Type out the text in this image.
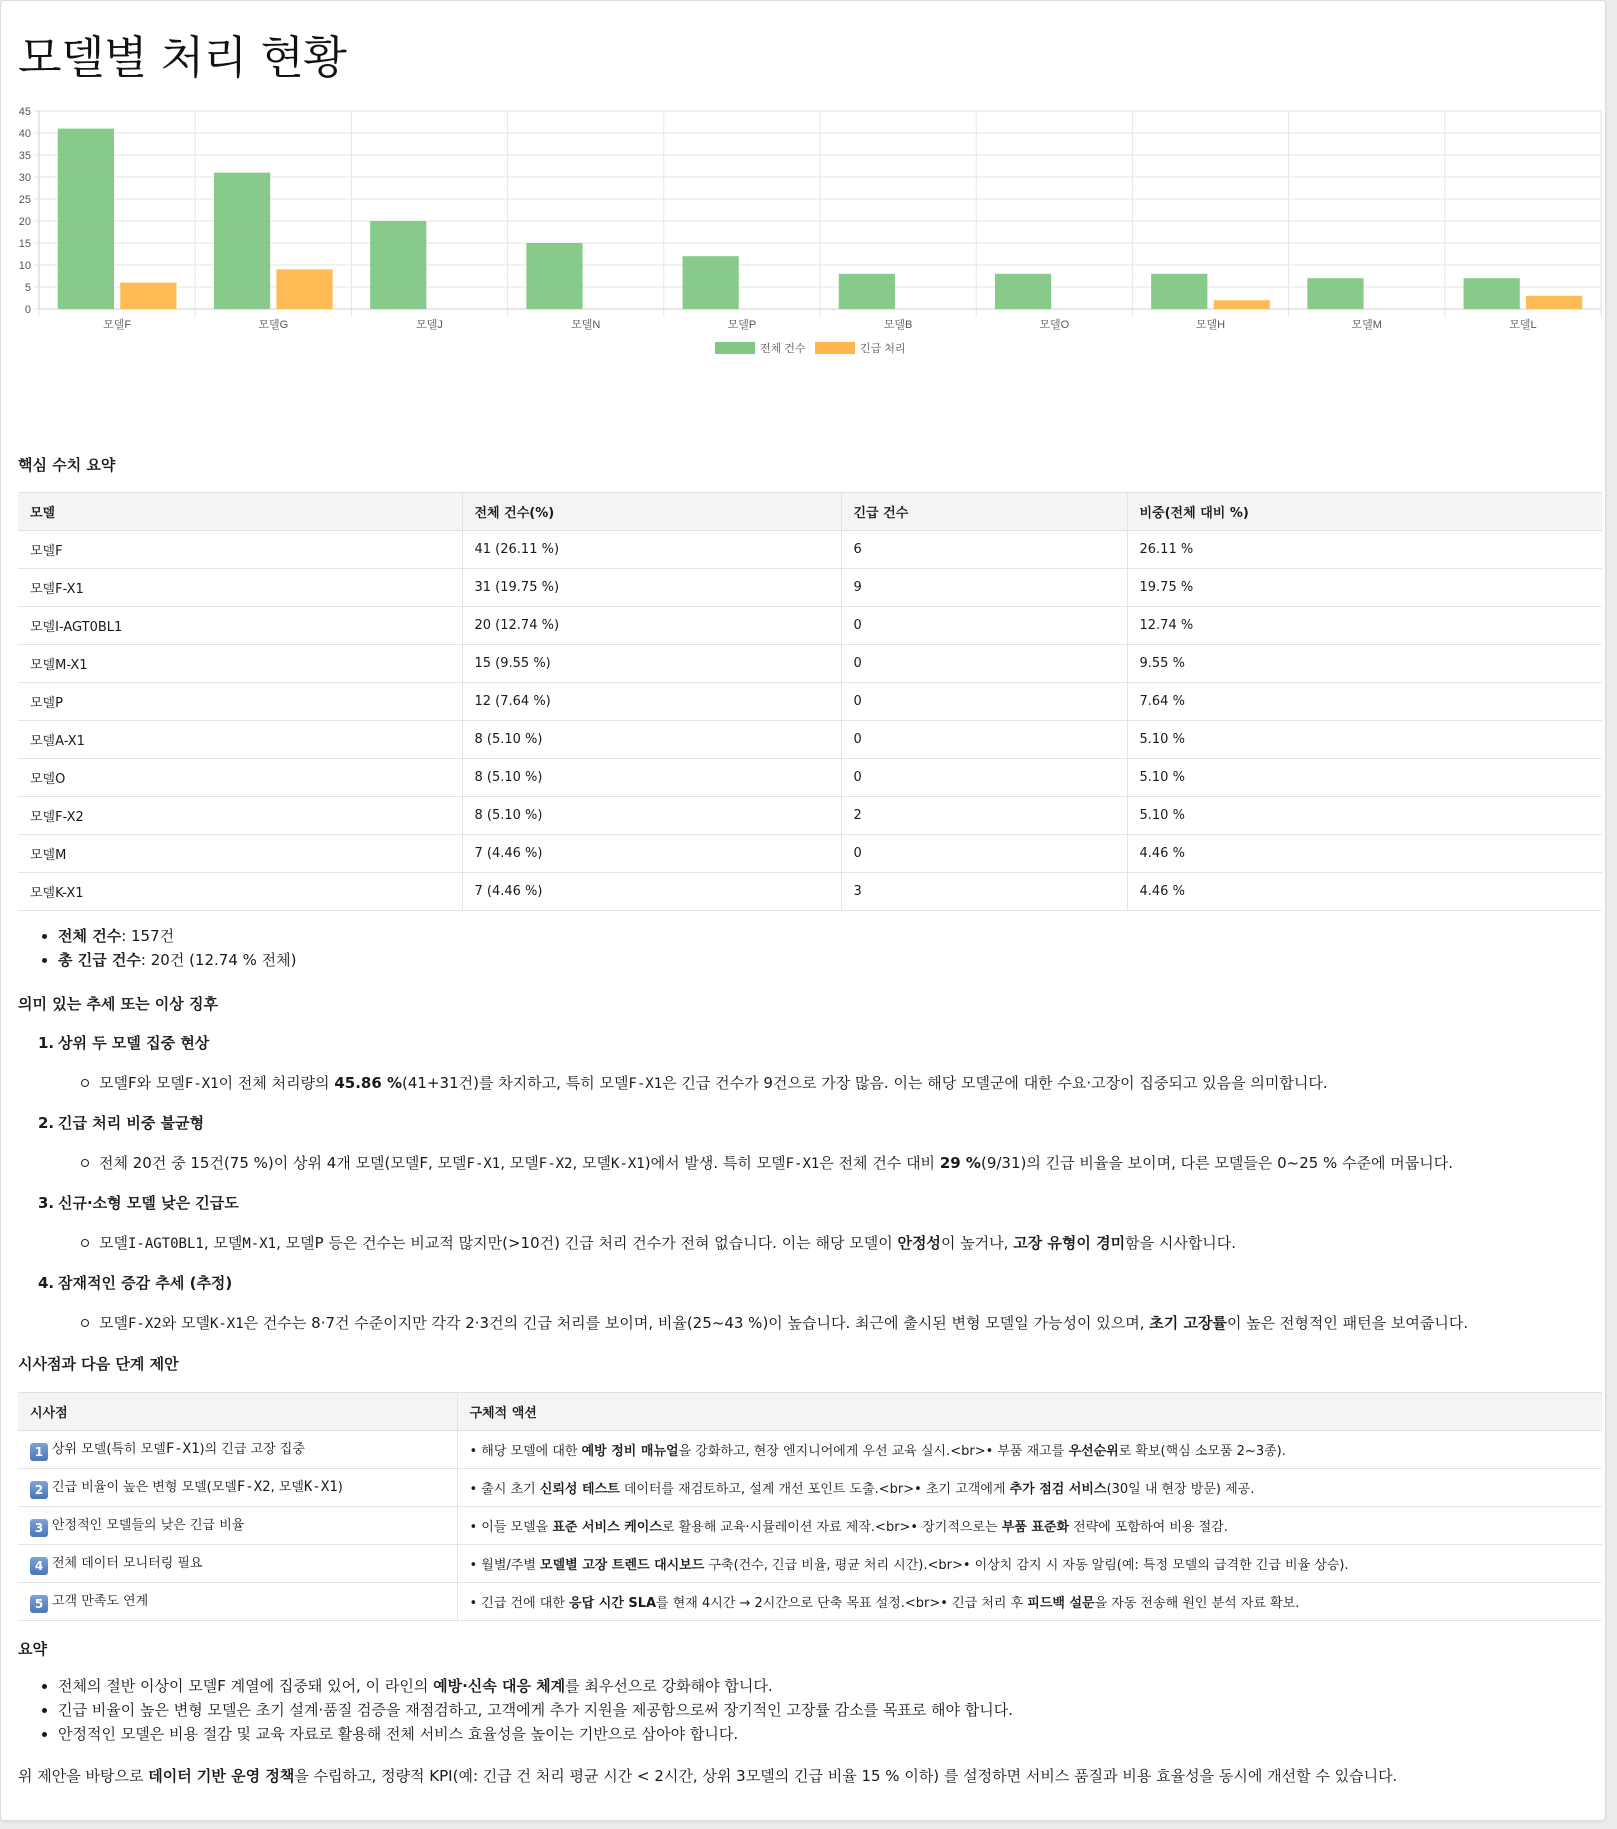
모델별 처리 현황
0
5
10
15
20
25
30
35
40
45
모델F	모델G	모델J	모델N	모델P	모델B	모델O	모델H	모델M	모델L
전체 건수	긴급 처리
핵심 수치 요약
모델	전체 건수(%)	긴급 건수	비중(전체 대비 %)
모델F	41 (26.11 %)	6	26.11 %
모델F-X1	31 (19.75 %)	9	19.75 %
모델I-AGT0BL1	20 (12.74 %)	0	12.74 %
모델M-X1	15 (9.55 %)	0	9.55 %
모델P	12 (7.64 %)	0	7.64 %
모델A-X1	8 (5.10 %)	0	5.10 %
모델O	8 (5.10 %)	0	5.10 %
모델F-X2	8 (5.10 %)	2	5.10 %
모델M	7 (4.46 %)	0	4.46 %
모델K-X1	7 (4.46 %)	3	4.46 %
• 전체 건수: 157건
• 총 긴급 건수: 20건 (12.74 % 전체)
의미 있는 추세 또는 이상 징후
1. 상위 두 모델 집중 현상
모델F와 모델F-X1이 전체 처리량의 45.86 %(41+31건)를 차지하고, 특히 모델F-X1은 긴급 건수가 9건으로 가장 많음. 이는 해당 모델군에 대한 수요·고장이 집중되고 있음을 의미합니다.
2. 긴급 처리 비중 불균형
전체 20건 중 15건(75 %)이 상위 4개 모델(모델F, 모델F-X1, 모델F-X2, 모델K-X1)에서 발생. 특히 모델F-X1은 전체 건수 대비 29 %(9/31)의 긴급 비율을 보이며, 다른 모델들은 0~25 % 수준에 머뭅니다.
3. 신규·소형 모델 낮은 긴급도
모델I-AGT0BL1, 모델M-X1, 모델P 등은 건수는 비교적 많지만(>10건) 긴급 처리 건수가 전혀 없습니다. 이는 해당 모델이 안정성이 높거나, 고장 유형이 경미함을 시사합니다.
4. 잠재적인 증감 추세 (추정)
모델F-X2와 모델K-X1은 건수는 8·7건 수준이지만 각각 2·3건의 긴급 처리를 보이며, 비율(25~43 %)이 높습니다. 최근에 출시된 변형 모델일 가능성이 있으며, 초기 고장률이 높은 전형적인 패턴을 보여줍니다.
시사점과 다음 단계 제안
시사점	구체적 액션
1 상위 모델(특히 모델F-X1)의 긴급 고장 집중	• 해당 모델에 대한 예방 정비 매뉴얼을 강화하고, 현장 엔지니어에게 우선 교육 실시.<br>• 부품 재고를 우선순위로 확보(핵심 소모품 2~3종).
2 긴급 비율이 높은 변형 모델(모델F-X2, 모델K-X1)	• 출시 초기 신뢰성 테스트 데이터를 재검토하고, 설계 개선 포인트 도출.<br>• 초기 고객에게 추가 점검 서비스(30일 내 현장 방문) 제공.
3 안정적인 모델들의 낮은 긴급 비율	• 이들 모델을 표준 서비스 케이스로 활용해 교육·시뮬레이션 자료 제작.<br>• 장기적으로는 부품 표준화 전략에 포함하여 비용 절감.
4 전체 데이터 모니터링 필요	• 월별/주별 모델별 고장 트렌드 대시보드 구축(건수, 긴급 비율, 평균 처리 시간).<br>• 이상치 감지 시 자동 알림(예: 특정 모델의 급격한 긴급 비율 상승).
5 고객 만족도 연계	• 긴급 건에 대한 응답 시간 SLA를 현재 4시간 → 2시간으로 단축 목표 설정.<br>• 긴급 처리 후 피드백 설문을 자동 전송해 원인 분석 자료 확보.
요약
• 전체의 절반 이상이 모델F 계열에 집중돼 있어, 이 라인의 예방·신속 대응 체계를 최우선으로 강화해야 합니다.
• 긴급 비율이 높은 변형 모델은 초기 설계·품질 검증을 재점검하고, 고객에게 추가 지원을 제공함으로써 장기적인 고장률 감소를 목표로 해야 합니다.
• 안정적인 모델은 비용 절감 및 교육 자료로 활용해 전체 서비스 효율성을 높이는 기반으로 삼아야 합니다.

위 제안을 바탕으로 데이터 기반 운영 정책을 수립하고, 정량적 KPI(예: 긴급 건 처리 평균 시간 < 2시간, 상위 3모델의 긴급 비율 15 % 이하) 를 설정하면 서비스 품질과 비용 효율성을 동시에 개선할 수 있습니다.
